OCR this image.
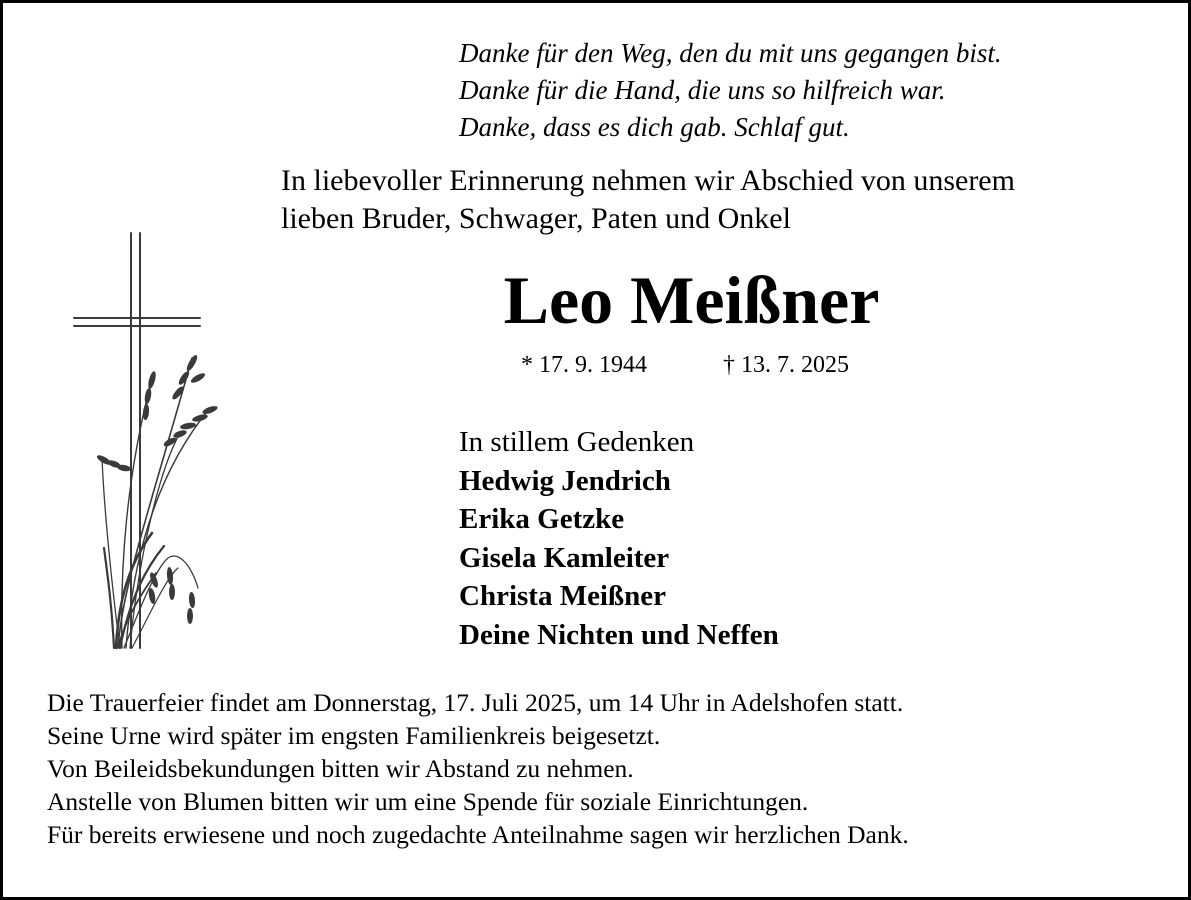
Danke für den Weg, den du mit uns gegangen bist.
Danke für die Hand, die uns so hilfreich war.
Danke, dass es dich gab. Schlaf gut.
In liebevoller Erinnerung nehmen wir Abschied von unserem
lieben Bruder, Schwager, Paten und Onkel
Leo Meißner
* 17. 9. 1944	† 13. 7. 2025
In stillem Gedenken
Hedwig Jendrich
Erika Getzke
Gisela Kamleiter
Christa Meißner
Deine Nichten und Neffen
Die Trauerfeier findet am Donnerstag, 17. Juli 2025, um 14 Uhr in Adelshofen statt.
Seine Urne wird später im engsten Familienkreis beigesetzt.
Von Beileidsbekundungen bitten wir Abstand zu nehmen.
Anstelle von Blumen bitten wir um eine Spende für soziale Einrichtungen.
Für bereits erwiesene und noch zugedachte Anteilnahme sagen wir herzlichen Dank.
